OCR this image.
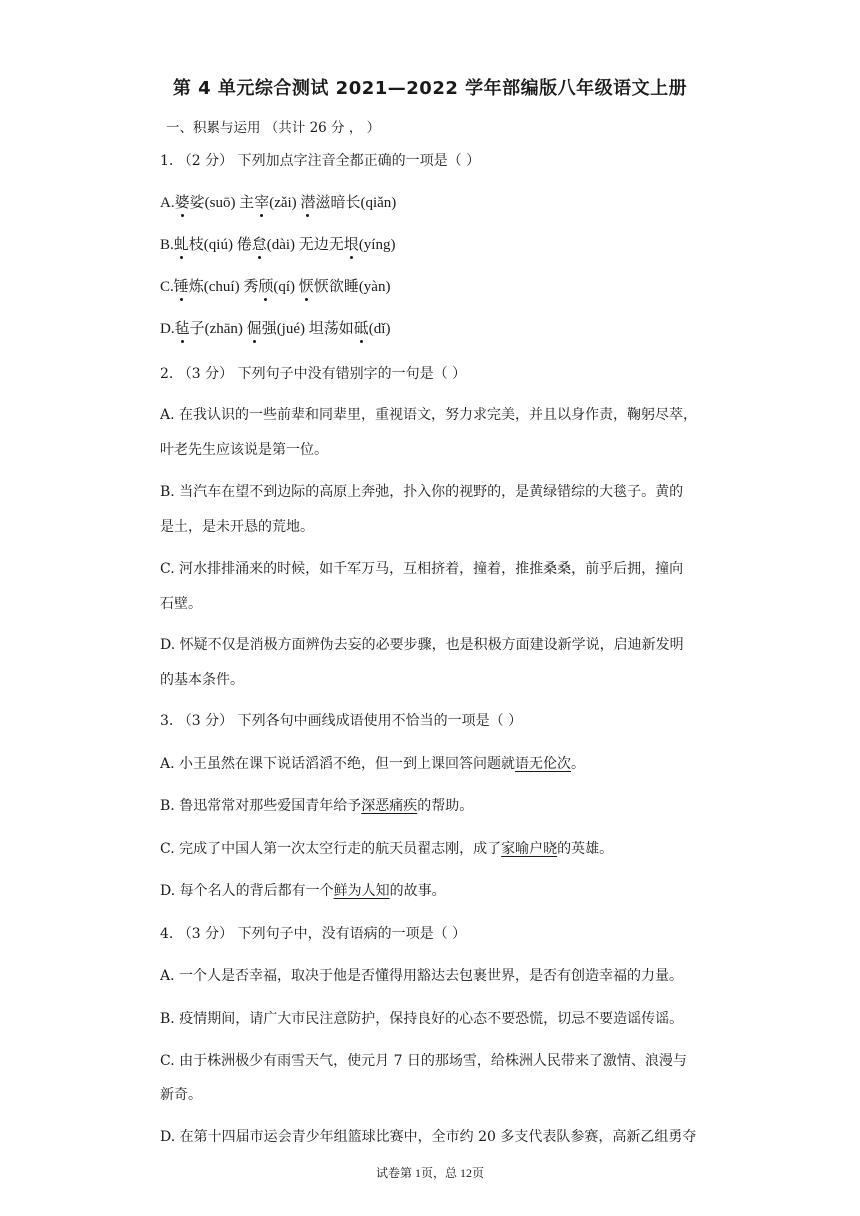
第 4 单元综合测试 2021—2022 学年部编版八年级语文上册
一、积累与运用 （共计 26 分 ， ）
1. （2 分） 下列加点字注音全都正确的一项是（ ）
A.婆娑(suō) 主宰(zǎi) 潜滋暗长(qiǎn)
B.虬枝(qiú) 倦怠(dài) 无边无垠(yíng)
C.锤炼(chuí) 秀颀(qí) 恹恹欲睡(yàn)
D.毡子(zhān) 倔强(jué) 坦荡如砥(dǐ)
2. （3 分） 下列句子中没有错别字的一句是（ ）
A. 在我认识的一些前辈和同辈里，重视语文，努力求完美，并且以身作责，鞠躬尽萃，
叶老先生应该说是第一位。
B. 当汽车在望不到边际的高原上奔弛，扑入你的视野的，是黄绿错综的大毯子。黄的
是土，是未开恳的荒地。
C. 河水排排涌来的时候，如千军万马，互相挤着，撞着，推推桑桑，前乎后拥，撞向
石壁。
D. 怀疑不仅是消极方面辨伪去妄的必要步骤，也是积极方面建设新学说，启迪新发明
的基本条件。
3. （3 分） 下列各句中画线成语使用不恰当的一项是（ ）
A. 小王虽然在课下说话滔滔不绝，但一到上课回答问题就语无伦次。
B. 鲁迅常常对那些爱国青年给予深恶痛疾的帮助。
C. 完成了中国人第一次太空行走的航天员翟志刚，成了家喻户晓的英雄。
D. 每个名人的背后都有一个鲜为人知的故事。
4. （3 分） 下列句子中，没有语病的一项是（ ）
A. 一个人是否幸福，取决于他是否懂得用豁达去包裹世界，是否有创造幸福的力量。
B. 疫情期间，请广大市民注意防护，保持良好的心态不要恐慌，切忌不要造谣传谣。
C. 由于株洲极少有雨雪天气，使元月 7 日的那场雪，给株洲人民带来了激情、浪漫与
新奇。
D. 在第十四届市运会青少年组篮球比赛中，全市约 20 多支代表队参赛，高新乙组勇夺
试卷第 1页，总 12页
